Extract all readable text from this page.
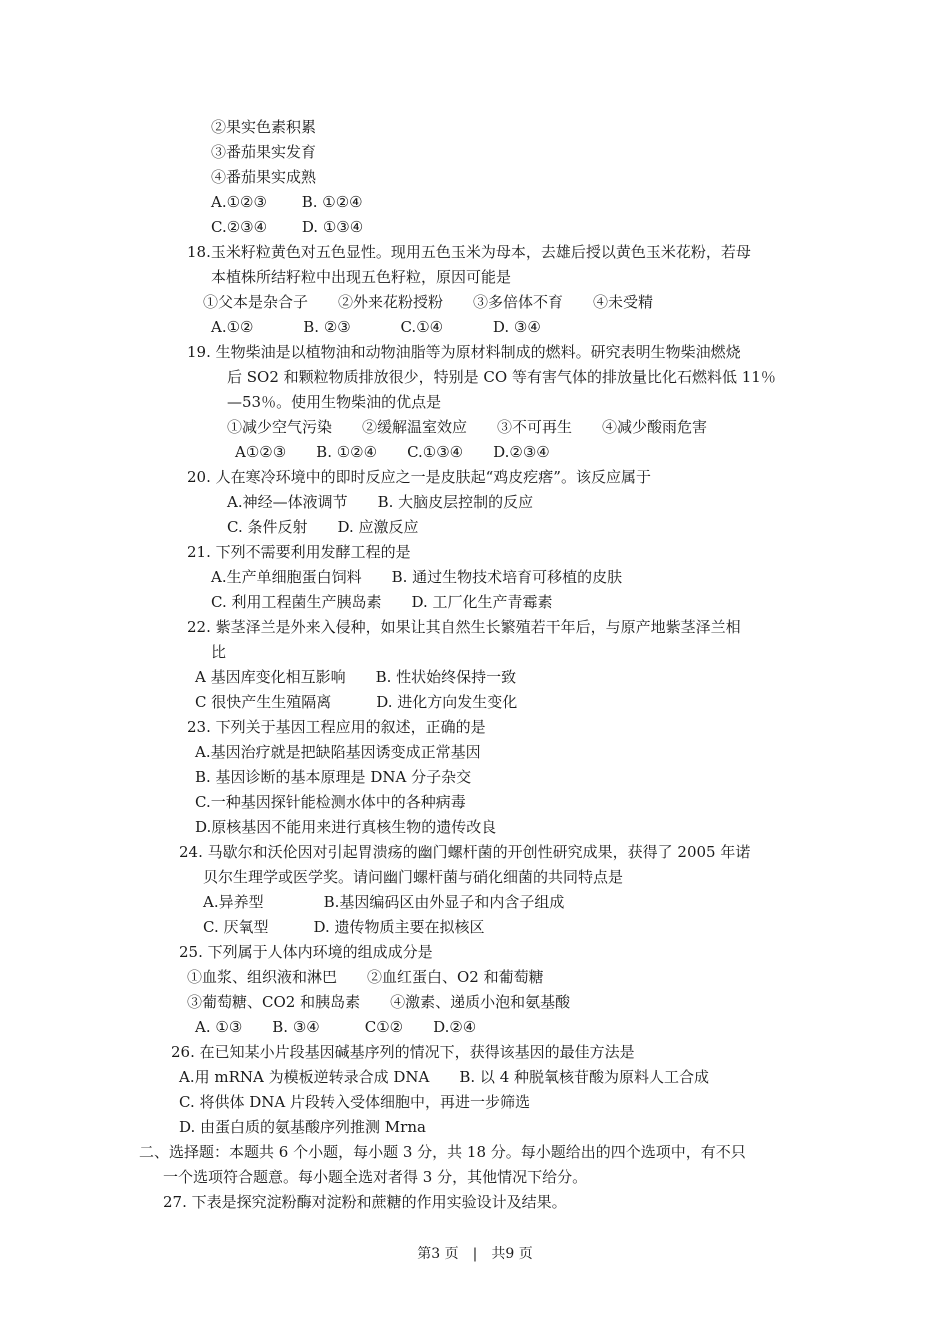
②果实色素积累
③番茄果实发育
④番茄果实成熟
A.①②③　　 B. ①②④
C.②③④　　 D. ①③④
18.玉米籽粒黄色对五色显性。现用五色玉米为母本，去雄后授以黄色玉米花粉，若母
本植株所结籽粒中出现五色籽粒，原因可能是
①父本是杂合子　　②外来花粉授粉　　③多倍体不育　　④未受精
A.①②　　　 B. ②③　　　 C.①④　　　 D. ③④
19. 生物柴油是以植物油和动物油脂等为原材料制成的燃料。研究表明生物柴油燃烧
后 SO2 和颗粒物质排放很少，特别是 CO 等有害气体的排放量比化石燃料低 11％
—53％。使用生物柴油的优点是
①减少空气污染　　②缓解温室效应　　③不可再生　　④减少酸雨危害
A①②③　　B. ①②④　　C.①③④　　D.②③④
20. 人在寒冷环境中的即时反应之一是皮肤起“鸡皮疙瘩”。该反应属于
A.神经—体液调节　　B. 大脑皮层控制的反应
C. 条件反射　　D. 应激反应
21. 下列不需要利用发酵工程的是
A.生产单细胞蛋白饲料　　B. 通过生物技术培育可移植的皮肤
C. 利用工程菌生产胰岛素　　D. 工厂化生产青霉素
22. 紫茎泽兰是外来入侵种，如果让其自然生长繁殖若干年后，与原产地紫茎泽兰相
比
A 基因库变化相互影响　　B. 性状始终保持一致
C 很快产生生殖隔离　　　D. 进化方向发生变化
23. 下列关于基因工程应用的叙述，正确的是
A.基因治疗就是把缺陷基因诱变成正常基因
B. 基因诊断的基本原理是 DNA 分子杂交
C.一种基因探针能检测水体中的各种病毒
D.原核基因不能用来进行真核生物的遗传改良
24. 马歇尔和沃伦因对引起胃溃疡的幽门螺杆菌的开创性研究成果，获得了 2005 年诺
贝尔生理学或医学奖。请问幽门螺杆菌与硝化细菌的共同特点是
A.异养型　　　　B.基因编码区由外显子和内含子组成
C. 厌氧型　　　D. 遗传物质主要在拟核区
25. 下列属于人体内环境的组成成分是
①血浆、组织液和淋巴　　②血红蛋白、O2 和葡萄糖
③葡萄糖、CO2 和胰岛素　　④激素、递质小泡和氨基酸
A. ①③　　B. ③④　　　C①②　　D.②④
26. 在已知某小片段基因碱基序列的情况下，获得该基因的最佳方法是
A.用 mRNA 为模板逆转录合成 DNA　　B. 以 4 种脱氧核苷酸为原料人工合成
C. 将供体 DNA 片段转入受体细胞中，再进一步筛选
D. 由蛋白质的氨基酸序列推测 Mrna
二、选择题：本题共 6 个小题，每小题 3 分，共 18 分。每小题给出的四个选项中，有不只
一个选项符合题意。每小题全选对者得 3 分，其他情况下给分。
27. 下表是探究淀粉酶对淀粉和蔗糖的作用实验设计及结果。
第3 页　|　共9 页
